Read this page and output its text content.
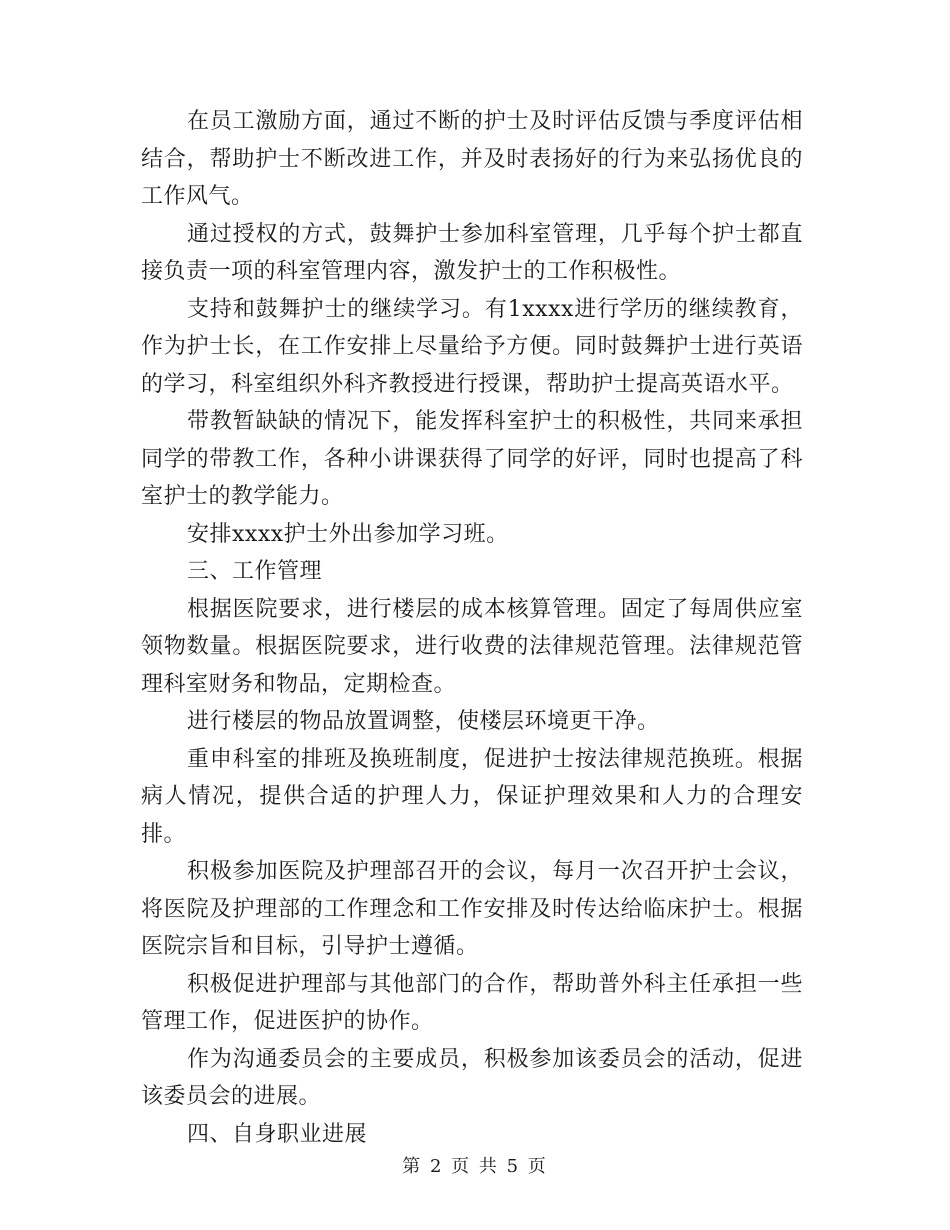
在员工激励方面，通过不断的护士及时评估反馈与季度评估相结合，帮助护士不断改进工作，并及时表扬好的行为来弘扬优良的工作风气。

通过授权的方式，鼓舞护士参加科室管理，几乎每个护士都直接负责一项的科室管理内容，激发护士的工作积极性。

支持和鼓舞护士的继续学习。有1xxxx进行学历的继续教育，作为护士长，在工作安排上尽量给予方便。同时鼓舞护士进行英语的学习，科室组织外科齐教授进行授课，帮助护士提高英语水平。

带教暂缺缺的情况下，能发挥科室护士的积极性，共同来承担同学的带教工作，各种小讲课获得了同学的好评，同时也提高了科室护士的教学能力。

安排xxxx护士外出参加学习班。

三、工作管理

根据医院要求，进行楼层的成本核算管理。固定了每周供应室领物数量。根据医院要求，进行收费的法律规范管理。法律规范管理科室财务和物品，定期检查。

进行楼层的物品放置调整，使楼层环境更干净。

重申科室的排班及换班制度，促进护士按法律规范换班。根据病人情况，提供合适的护理人力，保证护理效果和人力的合理安排。

积极参加医院及护理部召开的会议，每月一次召开护士会议，将医院及护理部的工作理念和工作安排及时传达给临床护士。根据医院宗旨和目标，引导护士遵循。

积极促进护理部与其他部门的合作，帮助普外科主任承担一些管理工作，促进医护的协作。

作为沟通委员会的主要成员，积极参加该委员会的活动，促进该委员会的进展。

四、自身职业进展

第 2 页 共 5 页
